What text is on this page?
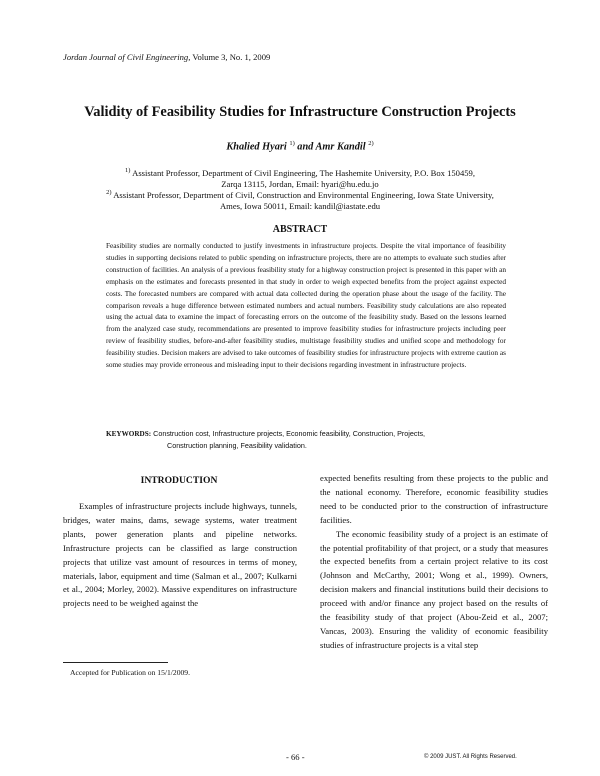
Jordan Journal of Civil Engineering, Volume 3, No. 1, 2009
Validity of Feasibility Studies for Infrastructure Construction Projects
Khalied Hyari $^{1)}$ and Amr Kandil $^{2)}$
$^{1)}$ Assistant Professor, Department of Civil Engineering, The Hashemite University, P.O. Box 150459,
Zarqa 13115, Jordan, Email: hyari@hu.edu.jo
$^{2)}$ Assistant Professor, Department of Civil, Construction and Environmental Engineering, Iowa State University,
Ames, Iowa 50011, Email: kandil@iastate.edu
ABSTRACT
Feasibility studies are normally conducted to justify investments in infrastructure projects. Despite the vital importance of feasibility studies in supporting decisions related to public spending on infrastructure projects, there are no attempts to evaluate such studies after construction of facilities. An analysis of a previous feasibility study for a highway construction project is presented in this paper with an emphasis on the estimates and forecasts presented in that study in order to weigh expected benefits from the project against expected costs. The forecasted numbers are compared with actual data collected during the operation phase about the usage of the facility. The comparison reveals a huge difference between estimated numbers and actual numbers. Feasibility study calculations are also repeated using the actual data to examine the impact of forecasting errors on the outcome of the feasibility study. Based on the lessons learned from the analyzed case study, recommendations are presented to improve feasibility studies for infrastructure projects including peer review of feasibility studies, before-and-after feasibility studies, multistage feasibility studies and unified scope and methodology for feasibility studies. Decision makers are advised to take outcomes of feasibility studies for infrastructure projects with extreme caution as some studies may provide erroneous and misleading input to their decisions regarding investment in infrastructure projects.
KEYWORDS: Construction cost, Infrastructure projects, Economic feasibility, Construction, Projects,
Construction planning, Feasibility validation.
INTRODUCTION

Examples of infrastructure projects include highways, tunnels, bridges, water mains, dams, sewage systems, water treatment plants, power generation plants and pipeline networks. Infrastructure projects can be classified as large construction projects that utilize vast amount of resources in terms of money, materials, labor, equipment and time (Salman et al., 2007; Kulkarni et al., 2004; Morley, 2002). Massive expenditures on infrastructure projects need to be weighed against the

expected benefits resulting from these projects to the public and the national economy. Therefore, economic feasibility studies need to be conducted prior to the construction of infrastructure facilities.

The economic feasibility study of a project is an estimate of the potential profitability of that project, or a study that measures the expected benefits from a certain project relative to its cost (Johnson and McCarthy, 2001; Wong et al., 1999). Owners, decision makers and financial institutions build their decisions to proceed with and/or finance any project based on the results of the feasibility study of that project (Abou-Zeid et al., 2007; Vancas, 2003). Ensuring the validity of economic feasibility studies of infrastructure projects is a vital step

Accepted for Publication on 15/1/2009.
- 66 -	© 2009 JUST. All Rights Reserved.
